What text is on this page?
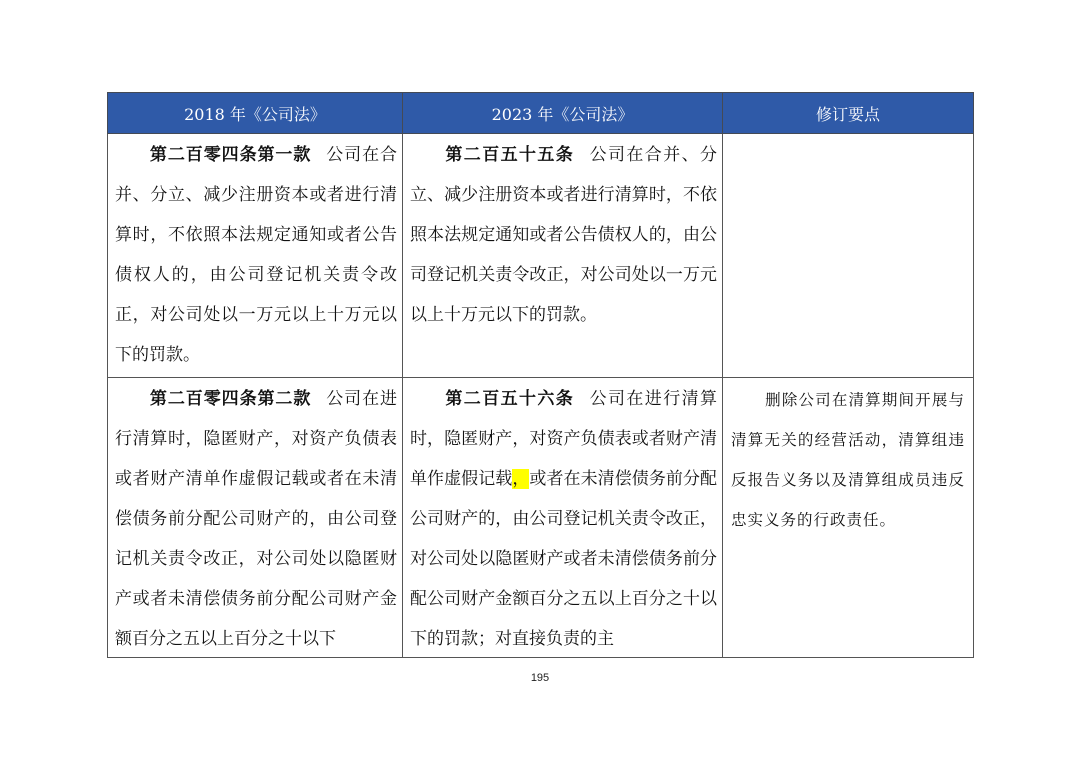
2018 年《公司法》	2023 年《公司法》	修订要点
第二百零四条第一款 公司在合并、分立、减少注册资本或者进行清算时，不依照本法规定通知或者公告债权人的，由公司登记机关责令改正，对公司处以一万元以上十万元以下的罚款。	第二百五十五条 公司在合并、分立、减少注册资本或者进行清算时，不依照本法规定通知或者公告债权人的，由公司登记机关责令改正，对公司处以一万元以上十万元以下的罚款。	

第二百零四条第二款 公司在进行清算时，隐匿财产，对资产负债表或者财产清单作虚假记载或者在未清偿债务前分配公司财产的，由公司登记机关责令改正，对公司处以隐匿财产或者未清偿债务前分配公司财产金额百分之五以上百分之十以下	第二百五十六条 公司在进行清算时，隐匿财产，对资产负债表或者财产清单作虚假记载，或者在未清偿债务前分配公司财产的，由公司登记机关责令改正，对公司处以隐匿财产或者未清偿债务前分配公司财产金额百分之五以上百分之十以下的罚款；对直接负责的主	删除公司在清算期间开展与清算无关的经营活动，清算组违反报告义务以及清算组成员违反忠实义务的行政责任。
195
